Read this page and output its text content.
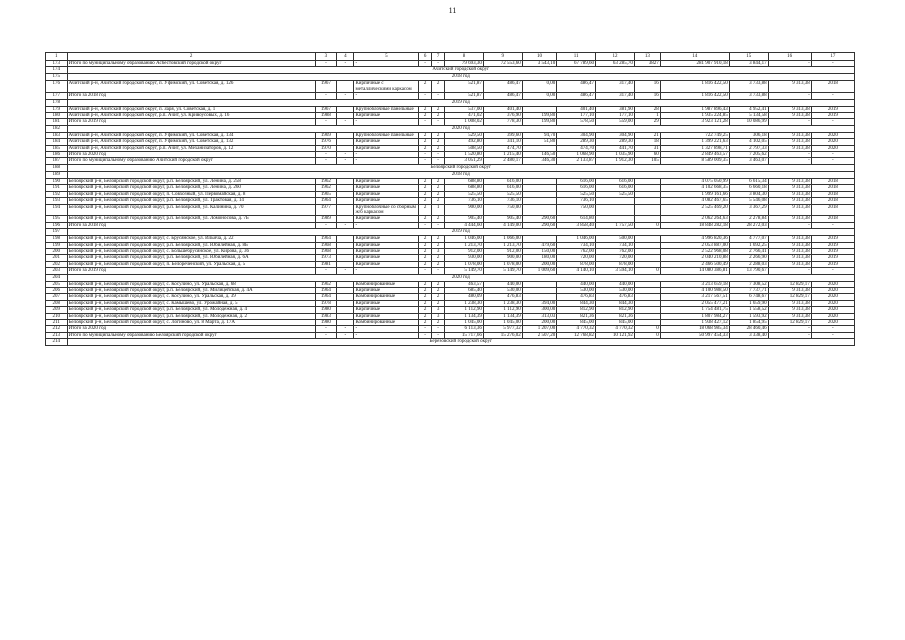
11
1	2	3	4	5	6	7	8	9	10	11	12	13	14	15	16	17
173	Итого по муниципальному образованию Асбестовский городской округ	-	-	-	-	-	79 693,30	72 553,60	3 543,10	67 789,60	63 285,70	3827	281 907 910,18	3 844,17	-	-
174	Ачитский городской округ															
175	2018 год															
176	Ачитский р-н, Ачитский городской округ, п. Уфимский, ул. Советская, д. 126	1967		Кирпичные с металлическими каркасом	2	2	521,87	486,47	0,00	486,47	317,40	16	1 816 422,50	3 733,88	9 313,38	2018
177	Итого за 2018 год	-	-	-	-	-	521,87	486,47	0,00	486,47	317,40	16	1 816 422,50	3 733,88	-	-
178	2019 год															
179	Ачитский р-н, Ачитский городской округ, п. Заря, ул. Советская, д. 1	1967		Крупноблочные панельные	2	2	537,00	401,40		401,40	381,90	28	1 987 896,43	4 952,41	9 313,38	2019
180	Ачитский р-н, Ачитский городской округ, р.п. Ачит, ул. Кривоусовых, д. 16	1988		Кирпичные	2	2	471,02	376,90	199,80	177,10	177,10	1	1 935 224,85	5 134,58	9 313,38	2019
181	Итого за 2019 год	-	-	-	-	-	1 008,02	778,30	199,80	578,50	559,00	29	3 923 121,28	10 086,99	-	-
182	2020 год															
183	Ачитский р-н, Ачитский городской округ, п. Уфимский, ул. Советская, д. 134	1969		Крупноблочные панельные	2	2	529,50	399,60	94,70	304,90	304,90	21	722 749,25	306,18	9 313,38	2020
184	Ачитский р-н, Ачитский городской округ, п. Уфимский, ул. Советская, д. 132	1976		Кирпичные	2	2	492,80	341,10	51,80	289,30	289,30	18	1 399 221,63	4 102,05	9 313,38	2020
185	Ачитский р-н, Ачитский городской округ, р.п. Ачит, ул. Механизаторов, д. 12	1970		Кирпичные	2	2	508,50	474,70		474,70	441,70	31	1 327 898,71	2 797,33	9 313,38	2020
186	Итого за 2020 год	-	-	-	-	-	1 520,80	1 215,40	146,50	1 068,90	1 035,90	60	2 849 463,57	7 205,62	-	-
187	Итого по муниципальному образованию Ачитский городской округ	-	-	-	-	-	3 051,29	2 480,17	346,30	2 133,87	1 912,30	105	8 589 009,35	3 463,07	-	-
188	Белоярский городской округ															
189	2018 год															
190	Белоярский р-н, Белоярский городской округ, р.п. Белоярский, ул. Ленина, д. 258	1962		Кирпичные	2	2	688,80	616,00		616,00	616,00		4 075 050,99	6 615,34	9 313,38	2018
191	Белоярский р-н, Белоярский городской округ, р.п. Белоярский, ул. Ленина, д. 260	1962		Кирпичные	2	2	688,80	616,00		616,00	616,00		4 102 668,35	6 660,18	9 313,38	2018
192	Белоярский р-н, Белоярский городской округ, п. Совхозный, ул. Первомайская, д. 8	1965		Кирпичные	2	2	525,50	525,50		525,50	525,50		1 999 161,66	3 804,30	9 313,38	2018
193	Белоярский р-н, Белоярский городской округ, р.п. Белоярский, ул. Трактовая, д. 14	1964		Кирпичные	2	2	736,10	736,10		736,10			4 082 467,65	5 546,08	9 313,38	2018
194	Белоярский р-н, Белоярский городской округ, р.п. Белоярский, ул. Калинина, д. 70	1977		Крупноблочные со сборным ж/б каркасом	2	1	900,00	750,00		750,00			2 525 469,20	3 367,29	9 313,38	2018
195	Белоярский р-н, Белоярский городской округ, р.п. Белоярский, ул. Ломоносова, д. 7Б	1989		Кирпичные	2	2	905,40	905,40	290,60	614,80			2 062 264,63	2 278,84	9 313,38	2018
196	Итого за 2018 год	-	-	-	-	-	4 444,60	4 149,00	290,60	3 858,40	1 757,50	0	18 848 282,18	28 272,03	-	-
197	2019 год															
198	Белоярский р-н, Белоярский городской округ, с. Брусянское, ул. Ильича, д. 22	1964		Кирпичные	2	2	1 046,00	1 066,00		1 046,00	500,00		4 996 820,36	4 777,07	9 313,38	2019
199	Белоярский р-н, Белоярский городской округ, р.п. Белоярский, ул. Юбилейная, д. 8Б	1968		Кирпичные	2	2	1 213,70	1 213,70	479,60	734,10	734,10		2 053 887,00	1 692,25	9 313,38	2019
200	Белоярский р-н, Белоярский городской округ, с. Большебрусянское, ул. Кирова, д. 36	1968		Кирпичные	2	3	912,00	912,00	150,00	762,00	762,00		2 522 968,08	2 766,41	9 313,38	2019
201	Белоярский р-н, Белоярский городской округ, р.п. Белоярский, ул. Юбилейная, д. 6А	1973		Кирпичные	2	2	930,00	900,00	180,00	720,00	720,00		2 040 210,88	2 266,90	9 313,38	2019
202	Белоярский р-н, Белоярский городской округ, п. Белореченский, ул. Уральская, д. 5	1981		Кирпичные	2	2	1 078,00	1 078,00	200,00	878,00	878,00		2 466 500,49	2 288,03	9 313,38	2019
203	Итого за 2019 год	-	-	-	-	-	5 149,70	5 149,70	1 009,60	4 140,10	3 594,10	0	14 080 386,81	13 790,67	-	-
204	2020 год															
205	Белоярский р-н, Белоярский городской округ, с. Косулино, ул. Уральская, д. 68	1962		Комбинированные	2	2	463,57	440,00		440,00	440,00		3 213 659,18	7 308,52	12 829,17	2020
206	Белоярский р-н, Белоярский городской округ, р.п. Белоярский, ул. Милицейская, д. 4А	1964		Кирпичные	2	2	685,40	530,00		530,00	530,00		4 100 988,50	7 737,71	9 313,38	2020
207	Белоярский р-н, Белоярский городской округ, с. Косулино, ул. Уральская, д. 39	1964		Комбинированные	2	2	480,09	476,83		476,83	476,83		3 217 567,51	6 748,67	12 829,17	2020
208	Белоярский р-н, Белоярский городской округ, с. Камышево, ул. Урожайная, д. 5	1978		Кирпичные	2	2	1 238,30	1 238,30	394,00	844,30	844,30		2 055 477,21	1 659,90	9 313,38	2020
209	Белоярский р-н, Белоярский городской округ, р.п. Белоярский, ул. Молодежная, д. 4	1980		Кирпичные	2	3	1 112,90	1 112,90	300,00	812,90	812,90		1 754 481,75	1 558,52	9 313,38	2020
210	Белоярский р-н, Белоярский городской округ, р.п. Белоярский, ул. Молодежная, д. 2	1983		Кирпичные	2	3	1 134,39	1 134,39	313,03	821,36	821,36		1 807 984,27	1 593,92	9 313,38	2020
211	Белоярский р-н, Белоярский городской округ, с. Логиново, ул. 8 Марта, д. 17А	1980		Комбинированные	2	2	1 045,00	1 045,00	200,00	845,00	845,00		1 938 427,12	1 854,95	12 829,17	2020
212	Итого за 2020 год	-	-	-	-	-	6 113,36	5 977,32	1 207,00	4 770,32	4 770,32	0	18 068 985,34	28 460,46	-	-
213	Итого по муниципальному образованию Белоярский городской округ	-	-	-	-	-	15 717,66	15 276,02	2 507,20	12 768,82	10 121,92	0	50 997 454,33	3 338,40	-	-
214	Березовский городской округ															
